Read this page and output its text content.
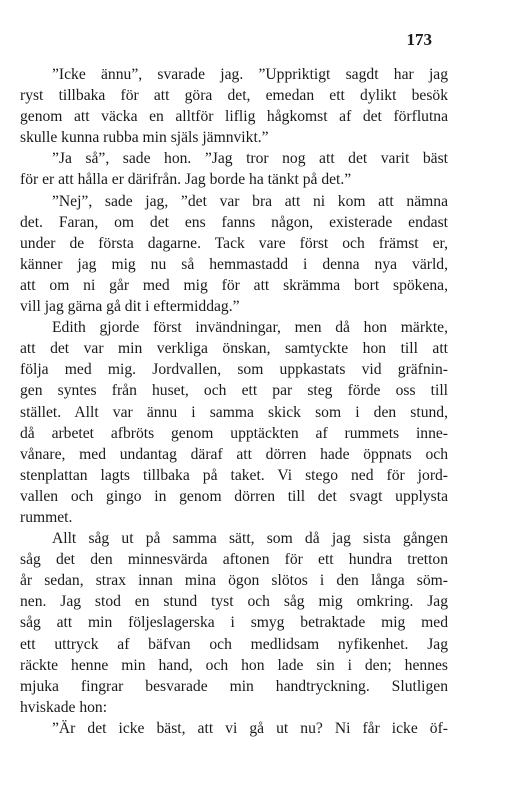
173
”Icke ännu”, svarade jag. ”Uppriktigt sagdt har jag
ryst tillbaka för att göra det, emedan ett dylikt besök
genom att väcka en alltför liflig hågkomst af det förflutna
skulle kunna rubba min själs jämnvikt.”
”Ja så”, sade hon. ”Jag tror nog att det varit bäst
för er att hålla er därifrån. Jag borde ha tänkt på det.”
”Nej”, sade jag, ”det var bra att ni kom att nämna
det. Faran, om det ens fanns någon, existerade endast
under de första dagarne. Tack vare först och främst er,
känner jag mig nu så hemmastadd i denna nya värld,
att om ni går med mig för att skrämma bort spökena,
vill jag gärna gå dit i eftermiddag.”
Edith gjorde först invändningar, men då hon märkte,
att det var min verkliga önskan, samtyckte hon till att
följa med mig. Jordvallen, som uppkastats vid gräfnin-
gen syntes från huset, och ett par steg förde oss till
stället. Allt var ännu i samma skick som i den stund,
då arbetet afbröts genom upptäckten af rummets inne-
vånare, med undantag däraf att dörren hade öppnats och
stenplattan lagts tillbaka på taket. Vi stego ned för jord-
vallen och gingo in genom dörren till det svagt upplysta
rummet.
Allt såg ut på samma sätt, som då jag sista gången
såg det den minnesvärda aftonen för ett hundra tretton
år sedan, strax innan mina ögon slötos i den långa söm-
nen. Jag stod en stund tyst och såg mig omkring. Jag
såg att min följeslagerska i smyg betraktade mig med
ett uttryck af bäfvan och medlidsam nyfikenhet. Jag
räckte henne min hand, och hon lade sin i den; hennes
mjuka fingrar besvarade min handtryckning. Slutligen
hviskade hon:
”Är det icke bäst, att vi gå ut nu? Ni får icke öf-
